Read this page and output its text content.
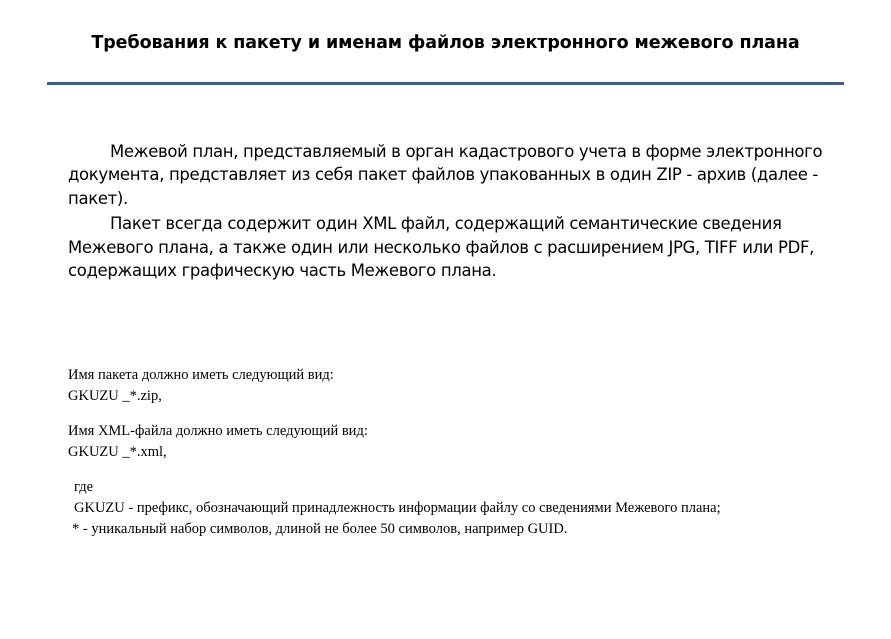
Требования к пакету и именам файлов электронного межевого плана

Межевой план, представляемый в орган кадастрового учета в форме электронного документа, представляет из себя пакет файлов упакованных в один ZIP - архив (далее - пакет).

Пакет всегда содержит один XML файл, содержащий семантические сведения Межевого плана, а также один или несколько файлов с расширением JPG, TIFF или PDF, содержащих графическую часть Межевого плана.

Имя пакета должно иметь следующий вид:

GKUZU _*.zip,

Имя XML-файла должно иметь следующий вид:

GKUZU _*.xml,

где

GKUZU - префикс, обозначающий принадлежность информации файлу со сведениями Межевого плана;

* - уникальный набор символов, длиной не более 50 символов, например GUID.
